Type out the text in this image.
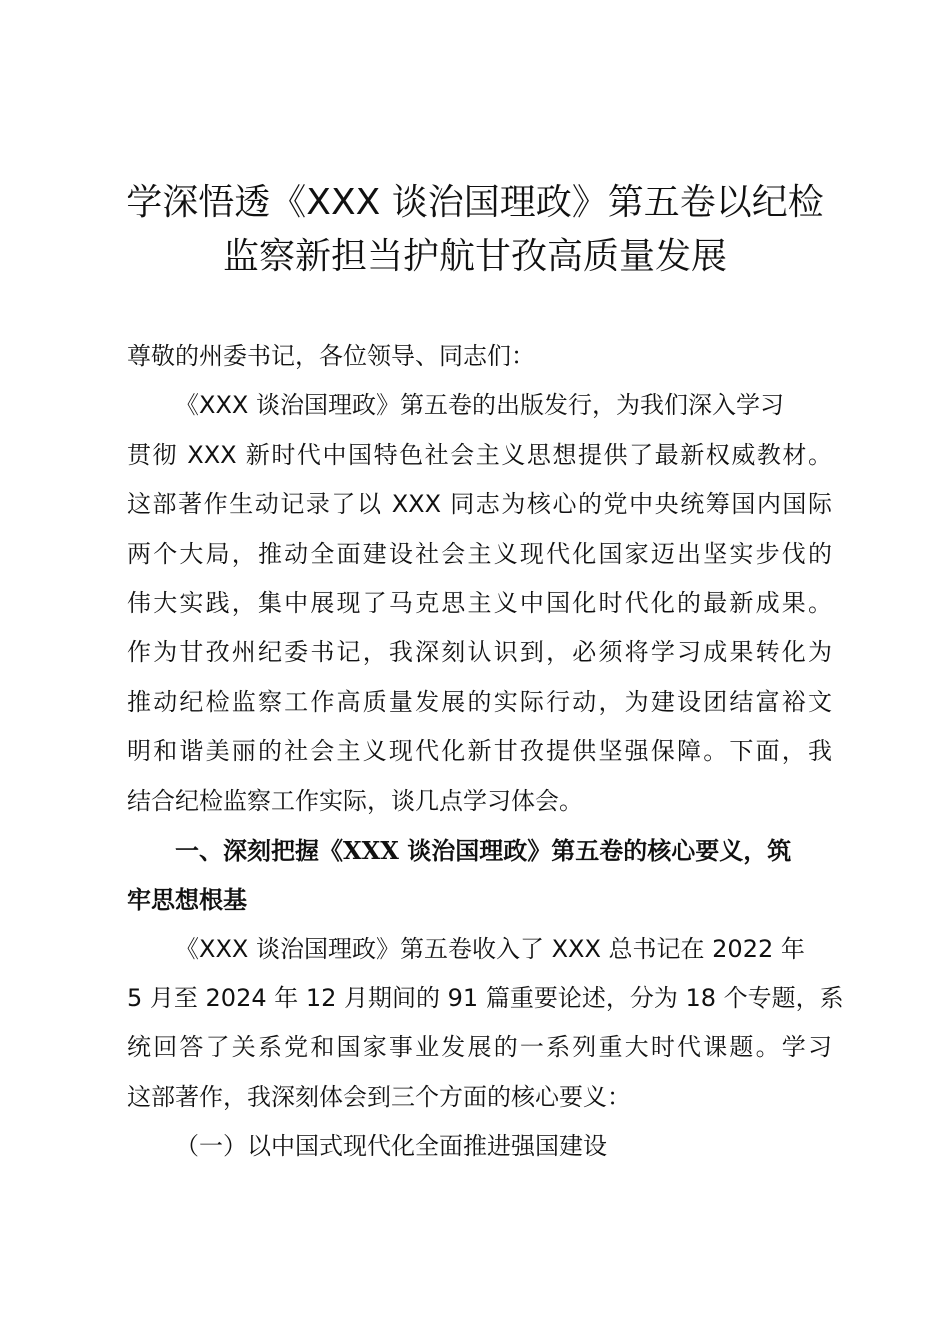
学深悟透《XXX 谈治国理政》第五卷以纪检
监察新担当护航甘孜高质量发展
尊敬的州委书记，各位领导、同志们：
《XXX 谈治国理政》第五卷的出版发行，为我们深入学习
贯彻 XXX 新时代中国特色社会主义思想提供了最新权威教材。
这部著作生动记录了以 XXX 同志为核心的党中央统筹国内国际
两个大局，推动全面建设社会主义现代化国家迈出坚实步伐的
伟大实践，集中展现了马克思主义中国化时代化的最新成果。
作为甘孜州纪委书记，我深刻认识到，必须将学习成果转化为
推动纪检监察工作高质量发展的实际行动，为建设团结富裕文
明和谐美丽的社会主义现代化新甘孜提供坚强保障。下面，我
结合纪检监察工作实际，谈几点学习体会。
一、深刻把握《XXX 谈治国理政》第五卷的核心要义，筑
牢思想根基
《XXX 谈治国理政》第五卷收入了 XXX 总书记在 2022 年
5 月至 2024 年 12 月期间的 91 篇重要论述，分为 18 个专题，系
统回答了关系党和国家事业发展的一系列重大时代课题。学习
这部著作，我深刻体会到三个方面的核心要义：
（一）以中国式现代化全面推进强国建设
